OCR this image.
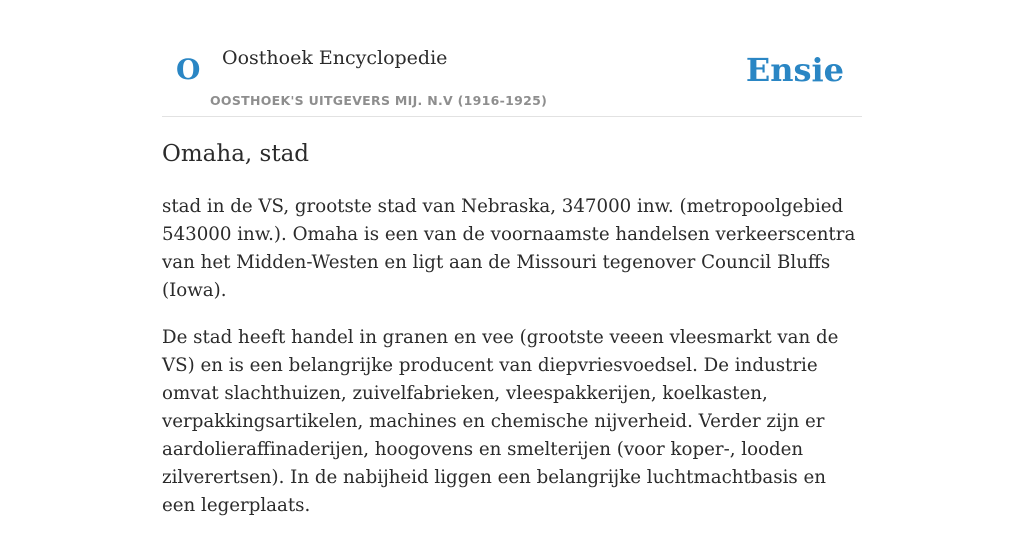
O Oosthoek Encyclopedie
OOSTHOEK'S UITGEVERS MIJ. N.V (1916-1925)
Ensie
Omaha, stad

stad in de VS, grootste stad van Nebraska, 347000 inw. (metropoolgebied 543000 inw.). Omaha is een van de voornaamste handelsen verkeerscentra van het Midden-Westen en ligt aan de Missouri tegenover Council Bluffs (Iowa).

De stad heeft handel in granen en vee (grootste veeen vleesmarkt van de VS) en is een belangrijke producent van diepvriesvoedsel. De industrie omvat slachthuizen, zuivelfabrieken, vleespakkerijen, koelkasten, verpakkingsartikelen, machines en chemische nijverheid. Verder zijn er aardolieraffinaderijen, hoogovens en smelterijen (voor koper-, looden zilverertsen). In de nabijheid liggen een belangrijke luchtmachtbasis en een legerplaats.
